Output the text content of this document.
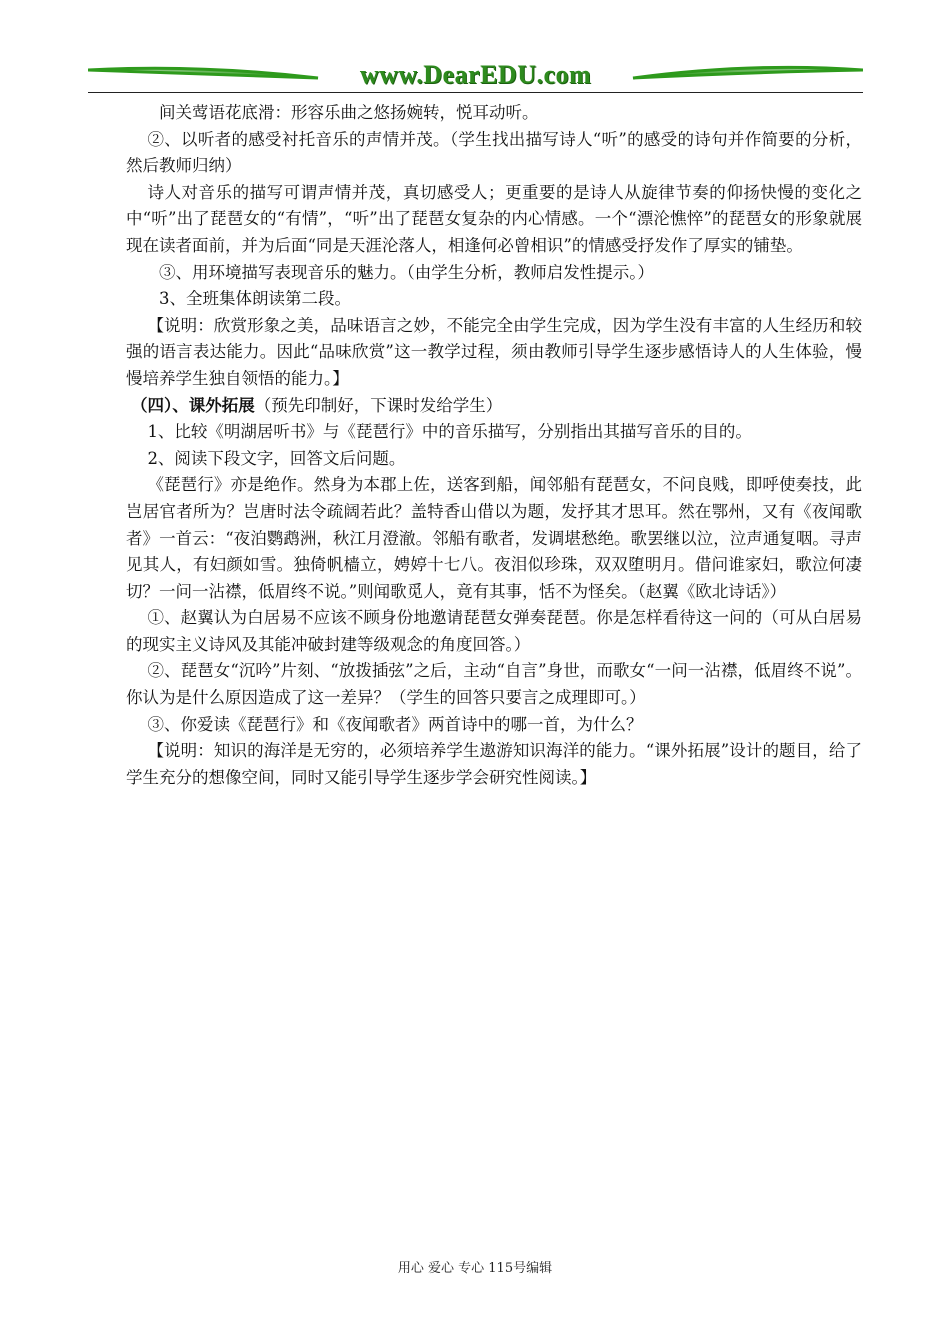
www.DearEDU.com

间关莺语花底滑：形容乐曲之悠扬婉转，悦耳动听。

②、以听者的感受衬托音乐的声情并茂。（学生找出描写诗人“听”的感受的诗句并作简要的分析，然后教师归纳）

诗人对音乐的描写可谓声情并茂，真切感受人；更重要的是诗人从旋律节奏的仰扬快慢的变化之中“听”出了琵琶女的“有情”，“听”出了琵琶女复杂的内心情感。一个“漂沦憔悴”的琵琶女的形象就展现在读者面前，并为后面“同是天涯沦落人，相逢何必曾相识”的情感受抒发作了厚实的铺垫。

③、用环境描写表现音乐的魅力。（由学生分析，教师启发性提示。）

3、全班集体朗读第二段。

【说明：欣赏形象之美，品味语言之妙，不能完全由学生完成，因为学生没有丰富的人生经历和较强的语言表达能力。因此“品味欣赏”这一教学过程，须由教师引导学生逐步感悟诗人的人生体验，慢慢培养学生独自领悟的能力。】

（四）、课外拓展（预先印制好，下课时发给学生）

1、比较《明湖居听书》与《琵琶行》中的音乐描写，分别指出其描写音乐的目的。

2、阅读下段文字，回答文后问题。

《琵琶行》亦是绝作。然身为本郡上佐，送客到船，闻邻船有琵琶女，不问良贱，即呼使奏技，此岂居官者所为？岂唐时法令疏阔若此？盖特香山借以为题，发抒其才思耳。然在鄂州，又有《夜闻歌者》一首云：“夜泊鹦鹉洲，秋江月澄澈。邻船有歌者，发调堪愁绝。歌罢继以泣，泣声通复咽。寻声见其人，有妇颜如雪。独倚帆樯立，娉婷十七八。夜泪似珍珠，双双堕明月。借问谁家妇，歌泣何凄切？一问一沾襟，低眉终不说。”则闻歌觅人，竟有其事，恬不为怪矣。（赵翼《欧北诗话》）

①、赵翼认为白居易不应该不顾身份地邀请琵琶女弹奏琵琶。你是怎样看待这一问的（可从白居易的现实主义诗风及其能冲破封建等级观念的角度回答。）

②、琵琶女“沉吟”片刻、“放拨插弦”之后，主动“自言”身世，而歌女“一问一沾襟，低眉终不说”。你认为是什么原因造成了这一差异？（学生的回答只要言之成理即可。）

③、你爱读《琵琶行》和《夜闻歌者》两首诗中的哪一首，为什么？

【说明：知识的海洋是无穷的，必须培养学生遨游知识海洋的能力。“课外拓展”设计的题目，给了学生充分的想像空间，同时又能引导学生逐步学会研究性阅读。】

用心 爱心 专心 115号编辑
